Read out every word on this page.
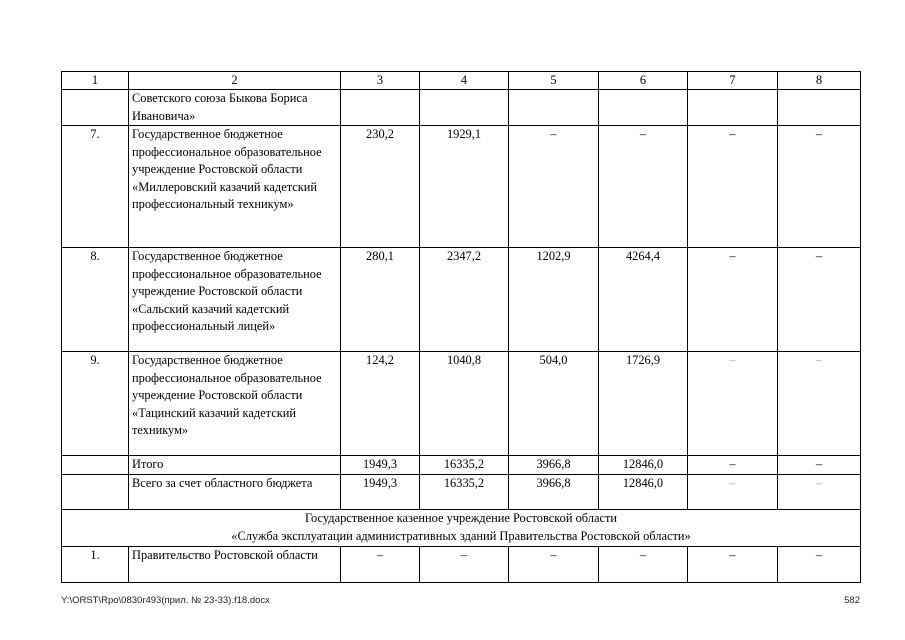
1	2	3	4	5	6	7	8
	Советского союза Быкова Бориса Ивановича»						
7.	Государственное бюджетное профессиональное образовательное учреждение Ростовской области «Миллеровский казачий кадетский профессиональный техникум»	230,2	1929,1	–	–	–	–
8.	Государственное бюджетное профессиональное образовательное учреждение Ростовской области «Сальский казачий кадетский профессиональный лицей»	280,1	2347,2	1202,9	4264,4	–	–
9.	Государственное бюджетное профессиональное образовательное учреждение Ростовской области «Тацинский казачий кадетский техникум»	124,2	1040,8	504,0	1726,9	–	–
	Итого	1949,3	16335,2	3966,8	12846,0	–	–
	Всего за счет областного бюджета	1949,3	16335,2	3966,8	12846,0	–	–

Государственное казенное учреждение Ростовской области
«Служба эксплуатации административных зданий Правительства Ростовской области»							

1.	Правительство Ростовской области	–	–	–	–	–	–
Y:\ORST\Rpo\0830r493(прил. № 23-33).f18.docx	582
